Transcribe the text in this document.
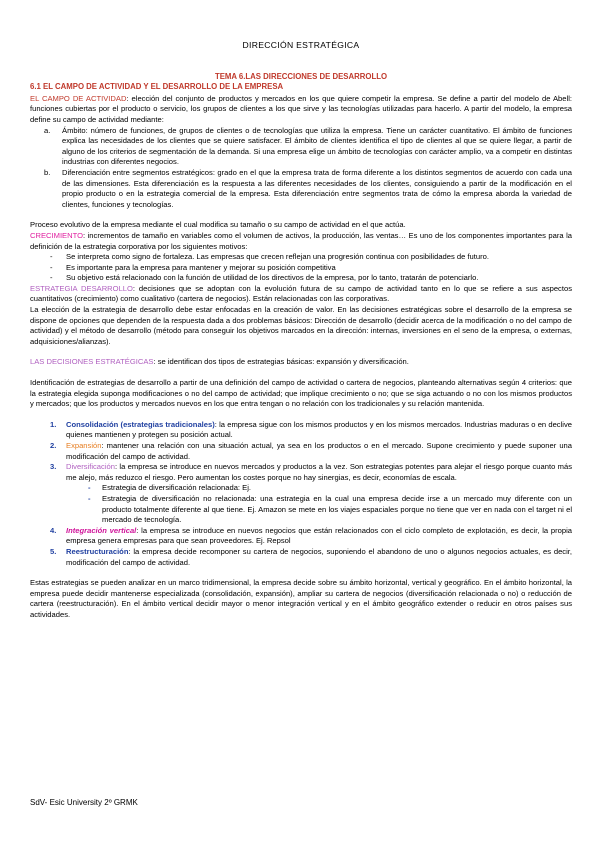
DIRECCIÓN ESTRATÉGICA

TEMA 6.LAS DIRECCIONES DE DESARROLLO

6.1 EL CAMPO DE ACTIVIDAD Y EL DESARROLLO DE LA EMPRESA

EL CAMPO DE ACTIVIDAD: elección del conjunto de productos y mercados en los que quiere competir la empresa. Se define a partir del modelo de Abell: funciones cubiertas por el producto o servicio, los grupos de clientes a los que sirve y las tecnologías utilizadas para hacerlo. A partir del modelo, la empresa define su campo de actividad mediante:

a. Ámbito: número de funciones, de grupos de clientes o de tecnologías que utiliza la empresa. Tiene un carácter cuantitativo. El ámbito de funciones explica las necesidades de los clientes que se quiere satisfacer. El ámbito de clientes identifica el tipo de clientes al que se quiere llegar, a partir de alguno de los criterios de segmentación de la demanda. Si una empresa elige un ámbito de tecnologías con carácter amplio, va a competir en distintas industrias con diferentes negocios.
b. Diferenciación entre segmentos estratégicos: grado en el que la empresa trata de forma diferente a los distintos segmentos de acuerdo con cada una de las dimensiones. Esta diferenciación es la respuesta a las diferentes necesidades de los clientes, consiguiendo a partir de la modificación en el propio producto o en la estrategia comercial de la empresa. Esta diferenciación entre segmentos trata de cómo la empresa aborda la variedad de clientes, funciones y tecnologías.

Proceso evolutivo de la empresa mediante el cual modifica su tamaño o su campo de actividad en el que actúa.

CRECIMIENTO: incrementos de tamaño en variables como el volumen de activos, la producción, las ventas… Es uno de los componentes importantes para la definición de la estrategia corporativa por los siguientes motivos:

- Se interpreta como signo de fortaleza. Las empresas que crecen reflejan una progresión continua con posibilidades de futuro.
- Es importante para la empresa para mantener y mejorar su posición competitiva
- Su objetivo está relacionado con la función de utilidad de los directivos de la empresa, por lo tanto, tratarán de potenciarlo.

ESTRATEGIA DESARROLLO: decisiones que se adoptan con la evolución futura de su campo de actividad tanto en lo que se refiere a sus aspectos cuantitativos (crecimiento) como cualitativo (cartera de negocios). Están relacionadas con las corporativas.

La elección de la estrategia de desarrollo debe estar enfocadas en la creación de valor. En las decisiones estratégicas sobre el desarrollo de la empresa se dispone de opciones que dependen de la respuesta dada a dos problemas básicos: Dirección de desarrollo (decidir acerca de la modificación o no del campo de actividad) y el método de desarrollo (método para conseguir los objetivos marcados en la dirección: internas, inversiones en el seno de la empresa, o externas, adquisiciones/alianzas).

LAS DECISIONES ESTRATÉGICAS: se identifican dos tipos de estrategias básicas: expansión y diversificación.

Identificación de estrategias de desarrollo a partir de una definición del campo de actividad o cartera de negocios, planteando alternativas según 4 criterios: que la estrategia elegida suponga modificaciones o no del campo de actividad; que implique crecimiento o no; que se siga actuando o no con los mismos productos y mercados; que los productos y mercados nuevos en los que entra tengan o no relación con los tradicionales y su relación mantenida.

1. Consolidación (estrategias tradicionales): la empresa sigue con los mismos productos y en los mismos mercados. Industrias maduras o en declive quienes mantienen y protegen su posición actual.
2. Expansión: mantener una relación con una situación actual, ya sea en los productos o en el mercado. Supone crecimiento y puede suponer una modificación del campo de actividad.
3. Diversificación: la empresa se introduce en nuevos mercados y productos a la vez. Son estrategias potentes para alejar el riesgo porque cuanto más me alejo, más reduzco el riesgo. Pero aumentan los costes porque no hay sinergias, es decir, economías de escala.
- Estrategia de diversificación relacionada: Ej.
- Estrategia de diversificación no relacionada: una estrategia en la cual una empresa decide irse a un mercado muy diferente con un producto totalmente diferente al que tiene. Ej. Amazon se mete en los viajes espaciales porque no tiene que ver en nada con el target ni el mercado de tecnología.
4. Integración vertical: la empresa se introduce en nuevos negocios que están relacionados con el ciclo completo de explotación, es decir, la propia empresa genera empresas para que sean proveedores. Ej. Repsol
5. Reestructuración: la empresa decide recomponer su cartera de negocios, suponiendo el abandono de uno o algunos negocios actuales, es decir, modificación del campo de actividad.

Estas estrategias se pueden analizar en un marco tridimensional, la empresa decide sobre su ámbito horizontal, vertical y geográfico. En el ámbito horizontal, la empresa puede decidir mantenerse especializada (consolidación, expansión), ampliar su cartera de negocios (diversificación relacionada o no) o reducción de cartera (reestructuración). En el ámbito vertical decidir mayor o menor integración vertical y en el ámbito geográfico extender o reducir en otros países sus actividades.

SdV- Esic University 2º GRMK
